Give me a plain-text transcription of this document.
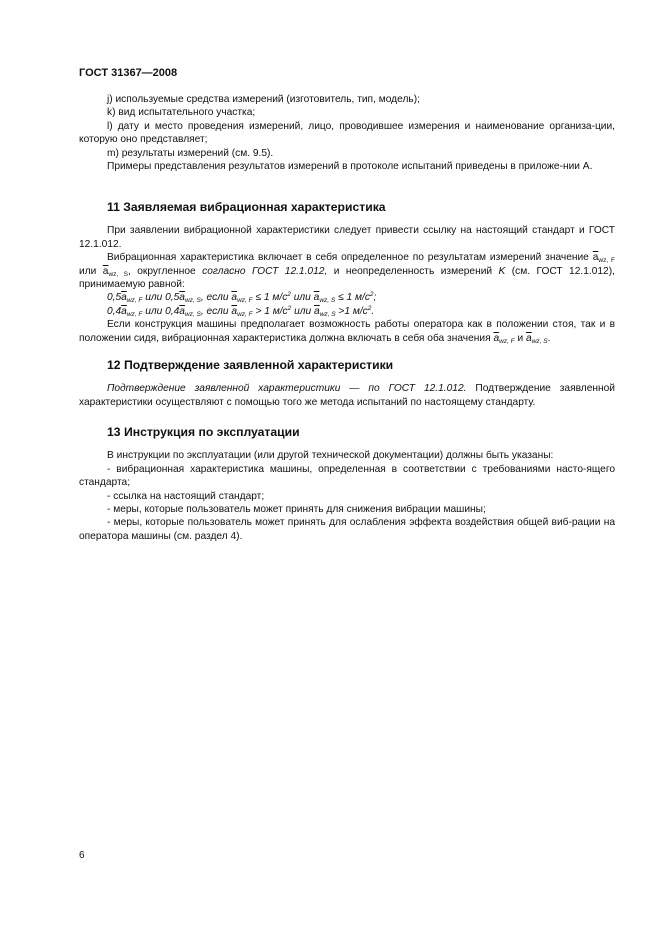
ГОСТ 31367—2008

j) используемые средства измерений (изготовитель, тип, модель);

k) вид испытательного участка;

l) дату и место проведения измерений, лицо, проводившее измерения и наименование организа-ции, которую оно представляет;

m) результаты измерений (см. 9.5).

Примеры представления результатов измерений в протоколе испытаний приведены в приложе-нии А.

11 Заявляемая вибрационная характеристика

При заявлении вибрационной характеристики следует привести ссылку на настоящий стандарт и ГОСТ 12.1.012.

Вибрационная характеристика включает в себя определенное по результатам измерений значение $\overline{a}_{wz, F}$ или $\overline{a}_{wz, S}$, округленное согласно ГОСТ 12.1.012, и неопределенность измерений K (см. ГОСТ 12.1.012), принимаемую равной:

$0,5\overline{a}_{wz, F}$ или $0,5\overline{a}_{wz, S}$, если $\overline{a}_{wz, F} \le 1$ $м/с^2$ или $\overline{a}_{wz, S} \le 1$ $м/с^2$;

$0,4\overline{a}_{wz, F}$ или $0,4\overline{a}_{wz, S}$, если $\overline{a}_{wz, F} > 1$ $м/с^2$ или $\overline{a}_{wz, S} >1$ $м/с^2$.

Если конструкция машины предполагает возможность работы оператора как в положении стоя, так и в положении сидя, вибрационная характеристика должна включать в себя оба значения $\overline{a}_{wz, F}$ и $\overline{a}_{wz, S}$.

12 Подтверждение заявленной характеристики

Подтверждение заявленной характеристики — по ГОСТ 12.1.012. Подтверждение заявленной характеристики осуществляют с помощью того же метода испытаний по настоящему стандарту.

13 Инструкция по эксплуатации

В инструкции по эксплуатации (или другой технической документации) должны быть указаны:

- вибрационная характеристика машины, определенная в соответствии с требованиями насто-ящего стандарта;

- ссылка на настоящий стандарт;

- меры, которые пользователь может принять для снижения вибрации машины;

- меры, которые пользователь может принять для ослабления эффекта воздействия общей виб-рации на оператора машины (см. раздел 4).

6
